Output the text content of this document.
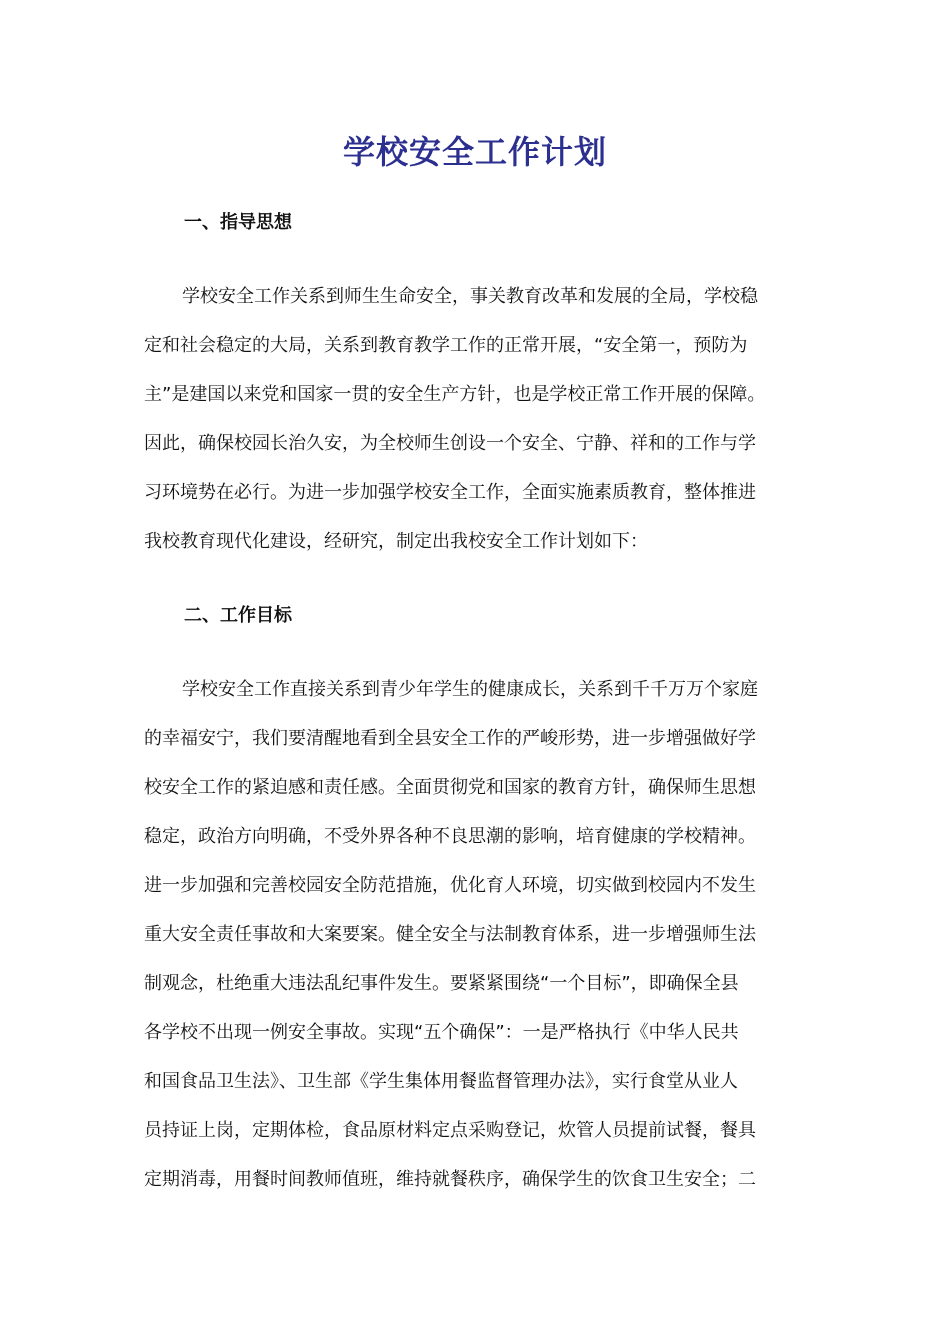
学校安全工作计划
一、指导思想
学校安全工作关系到师生生命安全，事关教育改革和发展的全局，学校稳
定和社会稳定的大局，关系到教育教学工作的正常开展，“安全第一，预防为
主”是建国以来党和国家一贯的安全生产方针，也是学校正常工作开展的保障。
因此，确保校园长治久安，为全校师生创设一个安全、宁静、祥和的工作与学
习环境势在必行。为进一步加强学校安全工作，全面实施素质教育，整体推进
我校教育现代化建设，经研究，制定出我校安全工作计划如下：
二、工作目标
学校安全工作直接关系到青少年学生的健康成长，关系到千千万万个家庭
的幸福安宁，我们要清醒地看到全县安全工作的严峻形势，进一步增强做好学
校安全工作的紧迫感和责任感。全面贯彻党和国家的教育方针，确保师生思想
稳定，政治方向明确，不受外界各种不良思潮的影响，培育健康的学校精神。
进一步加强和完善校园安全防范措施，优化育人环境，切实做到校园内不发生
重大安全责任事故和大案要案。健全安全与法制教育体系，进一步增强师生法
制观念，杜绝重大违法乱纪事件发生。要紧紧围绕“一个目标”，即确保全县
各学校不出现一例安全事故。实现“五个确保”：一是严格执行《中华人民共
和国食品卫生法》、卫生部《学生集体用餐监督管理办法》，实行食堂从业人
员持证上岗，定期体检，食品原材料定点采购登记，炊管人员提前试餐，餐具
定期消毒，用餐时间教师值班，维持就餐秩序，确保学生的饮食卫生安全；二
